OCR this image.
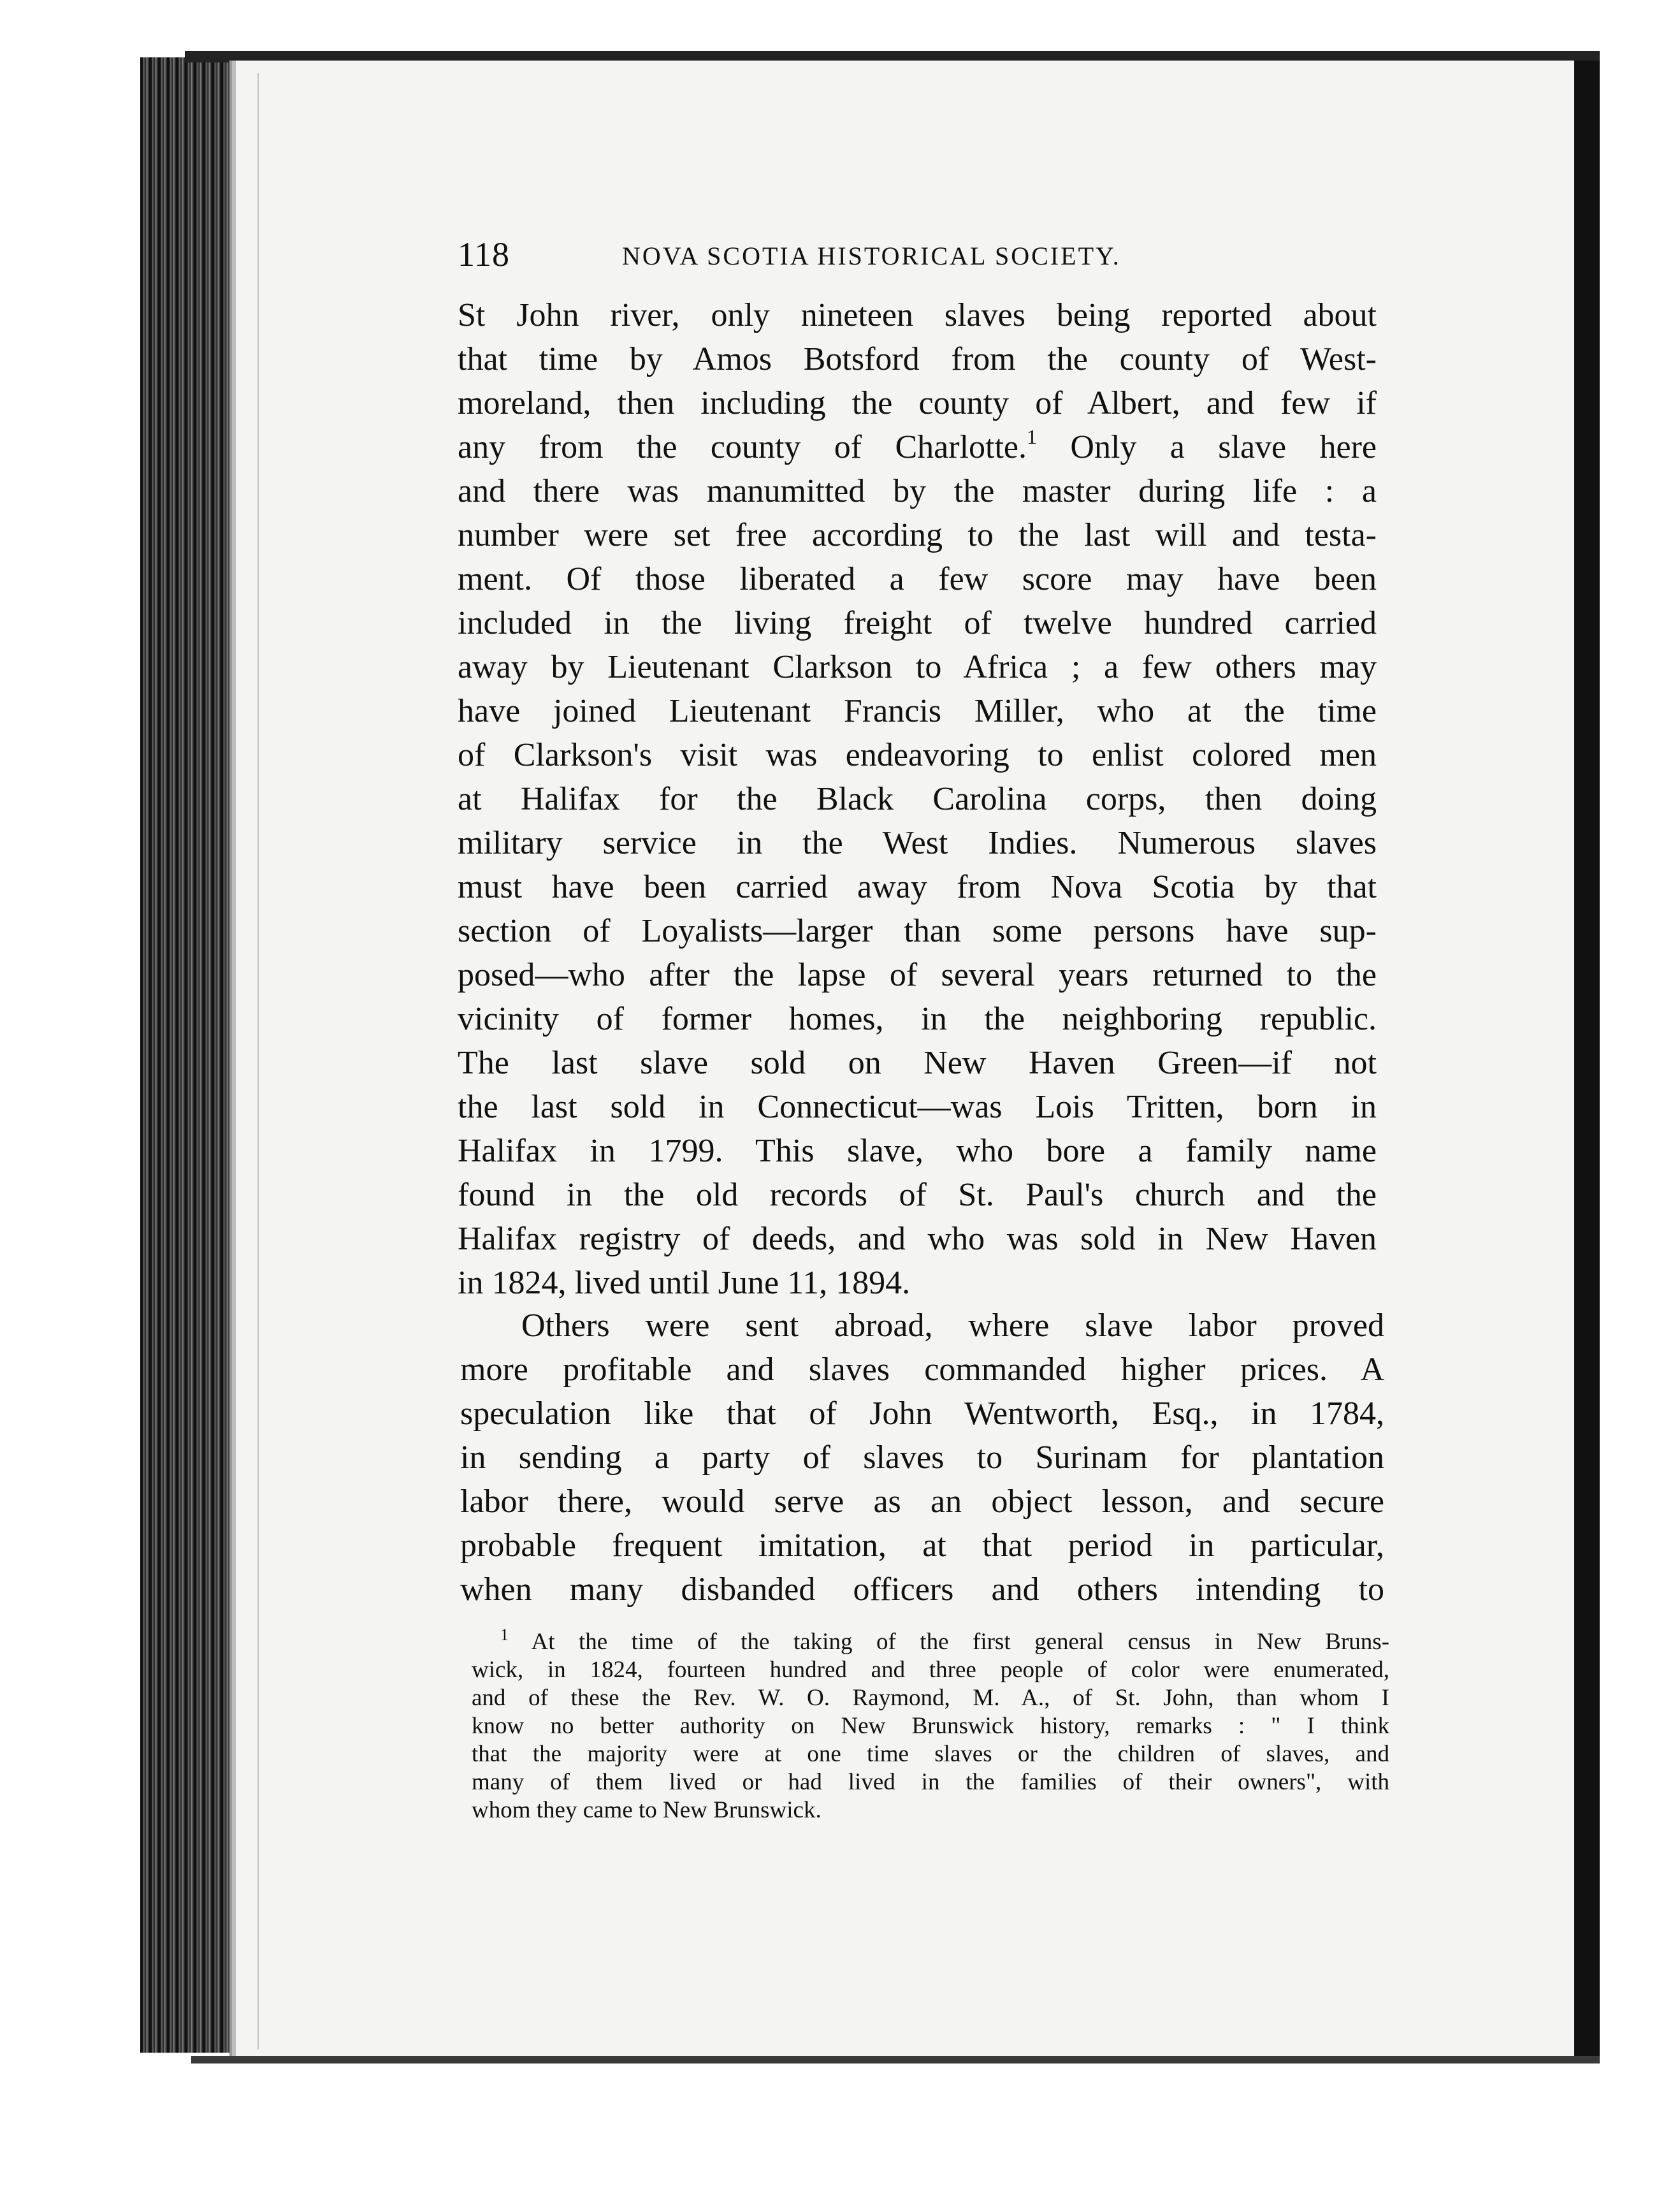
118	NOVA SCOTIA HISTORICAL SOCIETY.
St John river, only nineteen slaves being reported about
that time by Amos Botsford from the county of West-
moreland, then including the county of Albert, and few if
any from the county of Charlotte.$^1$ Only a slave here
and there was manumitted by the master during life : a
number were set free according to the last will and testa-
ment. Of those liberated a few score may have been
included in the living freight of twelve hundred carried
away by Lieutenant Clarkson to Africa ; a few others may
have joined Lieutenant Francis Miller, who at the time
of Clarkson's visit was endeavoring to enlist colored men
at Halifax for the Black Carolina corps, then doing
military service in the West Indies. Numerous slaves
must have been carried away from Nova Scotia by that
section of Loyalists—larger than some persons have sup-
posed—who after the lapse of several years returned to the
vicinity of former homes, in the neighboring republic.
The last slave sold on New Haven Green—if not
the last sold in Connecticut—was Lois Tritten, born in
Halifax in 1799. This slave, who bore a family name
found in the old records of St. Paul's church and the
Halifax registry of deeds, and who was sold in New Haven
in 1824, lived until June 11, 1894.
Others were sent abroad, where slave labor proved
more profitable and slaves commanded higher prices. A
speculation like that of John Wentworth, Esq., in 1784,
in sending a party of slaves to Surinam for plantation
labor there, would serve as an object lesson, and secure
probable frequent imitation, at that period in particular,
when many disbanded officers and others intending to
$^1$ At the time of the taking of the first general census in New Bruns-
wick, in 1824, fourteen hundred and three people of color were enumerated,
and of these the Rev. W. O. Raymond, M. A., of St. John, than whom I
know no better authority on New Brunswick history, remarks : " I think
that the majority were at one time slaves or the children of slaves, and
many of them lived or had lived in the families of their owners", with
whom they came to New Brunswick.
